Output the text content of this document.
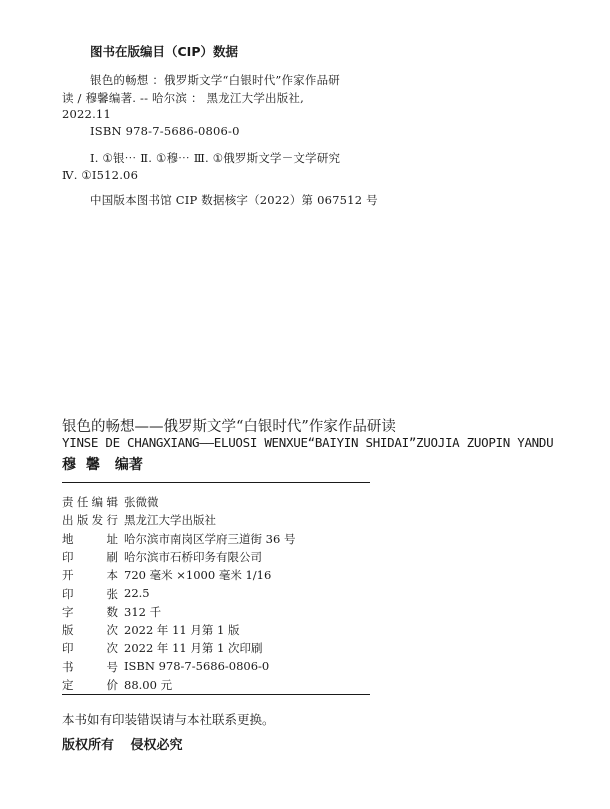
图书在版编目（CIP）数据
银色的畅想 ：俄罗斯文学“白银时代”作家作品研
读 / 穆馨编著. -- 哈尔滨 ： 黑龙江大学出版社,
2022.11
ISBN 978-7-5686-0806-0
Ⅰ. ①银⋯ Ⅱ. ①穆⋯ Ⅲ. ①俄罗斯文学－文学研究
Ⅳ. ①I512.06
中国版本图书馆 CIP 数据核字（2022）第 067512 号
银色的畅想——俄罗斯文学“白银时代”作家作品研读
YINSE DE CHANGXIANG——ELUOSI WENXUE“BAIYIN SHIDAI”ZUOJIA ZUOPIN YANDU
穆馨 编著
责 任 编 辑 张微微
出 版 发 行 黑龙江大学出版社
地	址 哈尔滨市南岗区学府三道街 36 号
印	刷 哈尔滨市石桥印务有限公司
开	本 720 毫米 ×1000 毫米 1/16
印	张 22.5
字	数 312 千
版	次 2022 年 11 月第 1 版
印	次 2022 年 11 月第 1 次印刷
书	号 ISBN 978-7-5686-0806-0
定	价 88.00 元
本书如有印装错误请与本社联系更换。
版权所有 侵权必究
